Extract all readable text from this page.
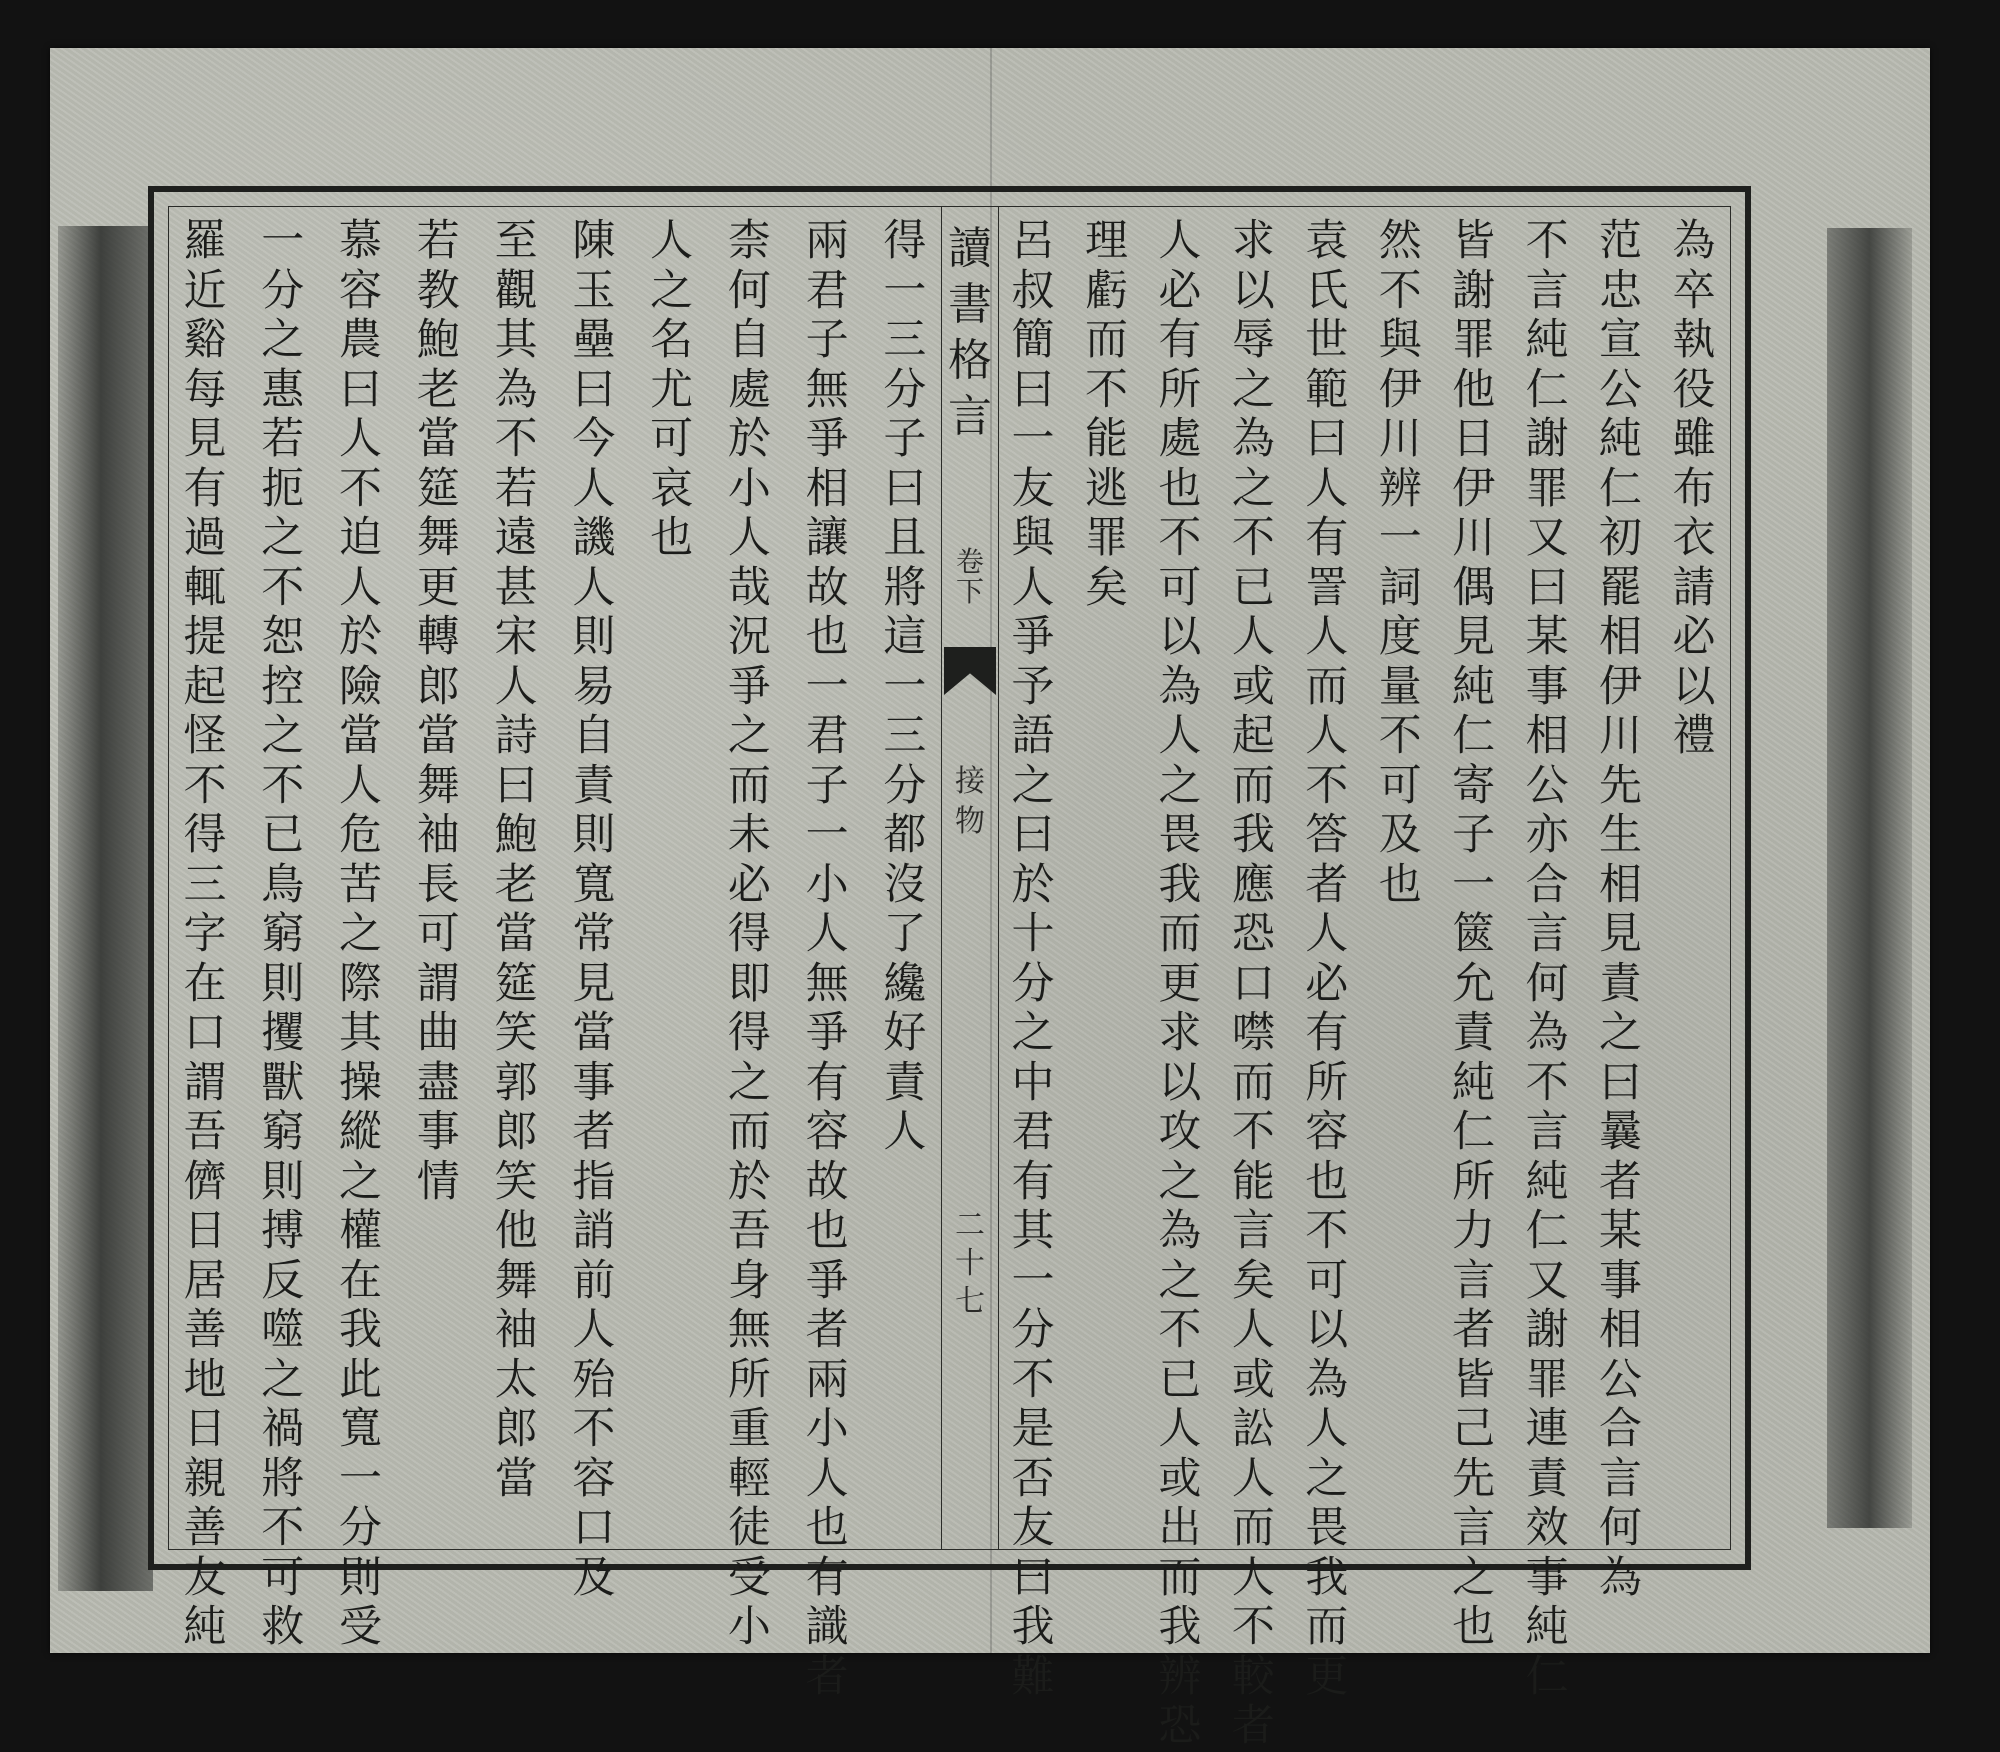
為
卒
執
役
雖
布
衣
請
必
以
禮
范
忠
宣
公
純
仁
初
罷
相
伊
川
先
生
相
見
責
之
曰
曩
者
某
事
相
公
合
言
何
為
不
言
純
仁
謝
罪
又
曰
某
事
相
公
亦
合
言
何
為
不
言
純
仁
又
謝
罪
連
責
效
事
純
仁
皆
謝
罪
他
日
伊
川
偶
見
純
仁
寄
子
一
篋
允
責
純
仁
所
力
言
者
皆
己
先
言
之
也
然
不
與
伊
川
辨
一
詞
度
量
不
可
及
也
袁
氏
世
範
曰
人
有
詈
人
而
人
不
答
者
人
必
有
所
容
也
不
可
以
為
人
之
畏
我
而
更
求
以
辱
之
為
之
不
已
人
或
起
而
我
應
恐
口
噤
而
不
能
言
矣
人
或
訟
人
而
人
不
較
者
人
必
有
所
處
也
不
可
以
為
人
之
畏
我
而
更
求
以
攻
之
為
之
不
已
人
或
出
而
我
辨
恐
理
虧
而
不
能
逃
罪
矣
呂
叔
簡
曰
一
友
與
人
爭
予
語
之
曰
於
十
分
之
中
君
有
其
一
分
不
是
否
友
曰
我
難
讀
書
格
言
卷
下
接
物
二
十
七
得
一
三
分
子
曰
且
將
這
一
三
分
都
沒
了
纔
好
責
人
兩
君
子
無
爭
相
讓
故
也
一
君
子
一
小
人
無
爭
有
容
故
也
爭
者
兩
小
人
也
有
識
者
柰
何
自
處
於
小
人
哉
況
爭
之
而
未
必
得
即
得
之
而
於
吾
身
無
所
重
輕
徒
受
小
人
之
名
尤
可
哀
也
陳
玉
壘
曰
今
人
譏
人
則
易
自
責
則
寬
常
見
當
事
者
指
誚
前
人
殆
不
容
口
及
至
觀
其
為
不
若
遠
甚
宋
人
詩
曰
鮑
老
當
筵
笑
郭
郎
笑
他
舞
袖
太
郎
當
若
教
鮑
老
當
筵
舞
更
轉
郎
當
舞
袖
長
可
謂
曲
盡
事
情
慕
容
農
曰
人
不
迫
人
於
險
當
人
危
苦
之
際
其
操
縱
之
權
在
我
此
寬
一
分
則
受
一
分
之
惠
若
扼
之
不
恕
控
之
不
已
鳥
窮
則
攫
獸
窮
則
搏
反
噬
之
禍
將
不
可
救
羅
近
谿
每
見
有
過
輒
提
起
怪
不
得
三
字
在
口
謂
吾
儕
日
居
善
地
日
親
善
友
純
